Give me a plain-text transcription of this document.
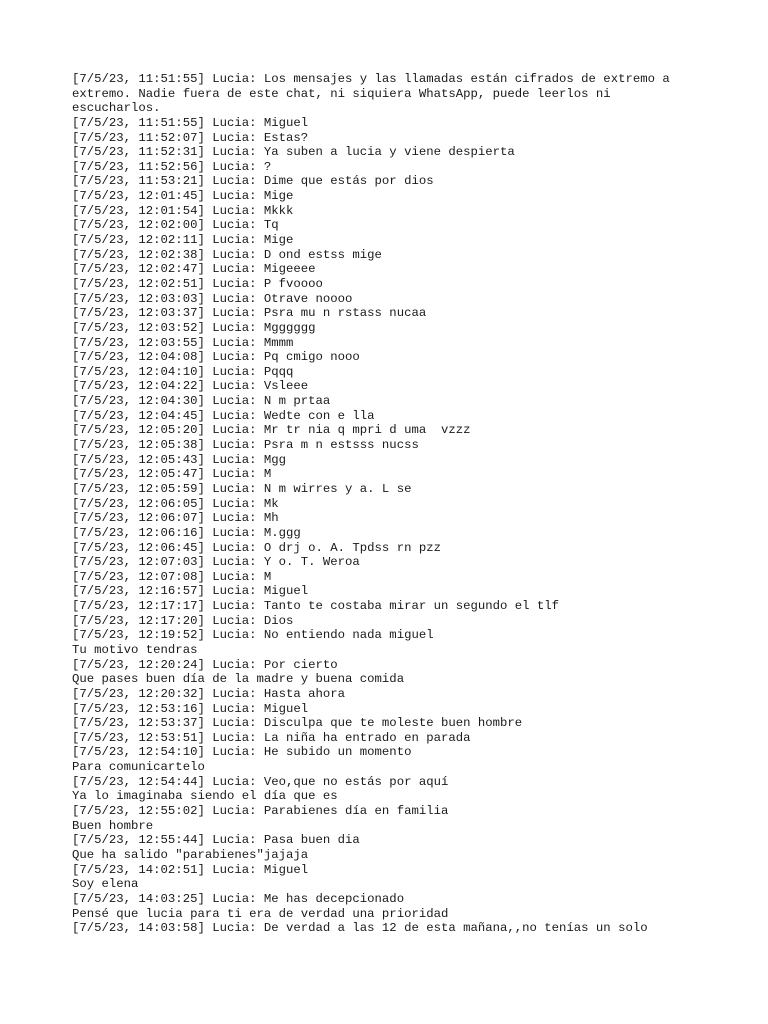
[7/5/23, 11:51:55] Lucia: Los mensajes y las llamadas están cifrados de extremo a
extremo. Nadie fuera de este chat, ni siquiera WhatsApp, puede leerlos ni
escucharlos.
[7/5/23, 11:51:55] Lucia: Miguel
[7/5/23, 11:52:07] Lucia: Estas?
[7/5/23, 11:52:31] Lucia: Ya suben a lucia y viene despierta
[7/5/23, 11:52:56] Lucia: ?
[7/5/23, 11:53:21] Lucia: Dime que estás por dios
[7/5/23, 12:01:45] Lucia: Mige
[7/5/23, 12:01:54] Lucia: Mkkk
[7/5/23, 12:02:00] Lucia: Tq
[7/5/23, 12:02:11] Lucia: Mige
[7/5/23, 12:02:38] Lucia: D ond estss mige
[7/5/23, 12:02:47] Lucia: Migeeee
[7/5/23, 12:02:51] Lucia: P fvoooo
[7/5/23, 12:03:03] Lucia: Otrave noooo
[7/5/23, 12:03:37] Lucia: Psra mu n rstass nucaa
[7/5/23, 12:03:52] Lucia: Mgggggg
[7/5/23, 12:03:55] Lucia: Mmmm
[7/5/23, 12:04:08] Lucia: Pq cmigo nooo
[7/5/23, 12:04:10] Lucia: Pqqq
[7/5/23, 12:04:22] Lucia: Vsleee
[7/5/23, 12:04:30] Lucia: N m prtaa
[7/5/23, 12:04:45] Lucia: Wedte con e lla
[7/5/23, 12:05:20] Lucia: Mr tr nia q mpri d uma  vzzz
[7/5/23, 12:05:38] Lucia: Psra m n estsss nucss
[7/5/23, 12:05:43] Lucia: Mgg
[7/5/23, 12:05:47] Lucia: M
[7/5/23, 12:05:59] Lucia: N m wirres y a. L se
[7/5/23, 12:06:05] Lucia: Mk
[7/5/23, 12:06:07] Lucia: Mh
[7/5/23, 12:06:16] Lucia: M.ggg
[7/5/23, 12:06:45] Lucia: O drj o. A. Tpdss rn pzz
[7/5/23, 12:07:03] Lucia: Y o. T. Weroa
[7/5/23, 12:07:08] Lucia: M
[7/5/23, 12:16:57] Lucia: Miguel
[7/5/23, 12:17:17] Lucia: Tanto te costaba mirar un segundo el tlf
[7/5/23, 12:17:20] Lucia: Dios
[7/5/23, 12:19:52] Lucia: No entiendo nada miguel
Tu motivo tendras
[7/5/23, 12:20:24] Lucia: Por cierto
Que pases buen día de la madre y buena comida
[7/5/23, 12:20:32] Lucia: Hasta ahora
[7/5/23, 12:53:16] Lucia: Miguel
[7/5/23, 12:53:37] Lucia: Disculpa que te moleste buen hombre
[7/5/23, 12:53:51] Lucia: La niña ha entrado en parada
[7/5/23, 12:54:10] Lucia: He subido un momento
Para comunicartelo
[7/5/23, 12:54:44] Lucia: Veo,que no estás por aquí
Ya lo imaginaba siendo el día que es
[7/5/23, 12:55:02] Lucia: Parabienes día en familia
Buen hombre
[7/5/23, 12:55:44] Lucia: Pasa buen dia
Que ha salido "parabienes"jajaja
[7/5/23, 14:02:51] Lucia: Miguel
Soy elena
[7/5/23, 14:03:25] Lucia: Me has decepcionado
Pensé que lucia para ti era de verdad una prioridad
[7/5/23, 14:03:58] Lucia: De verdad a las 12 de esta mañana,,no tenías un solo
